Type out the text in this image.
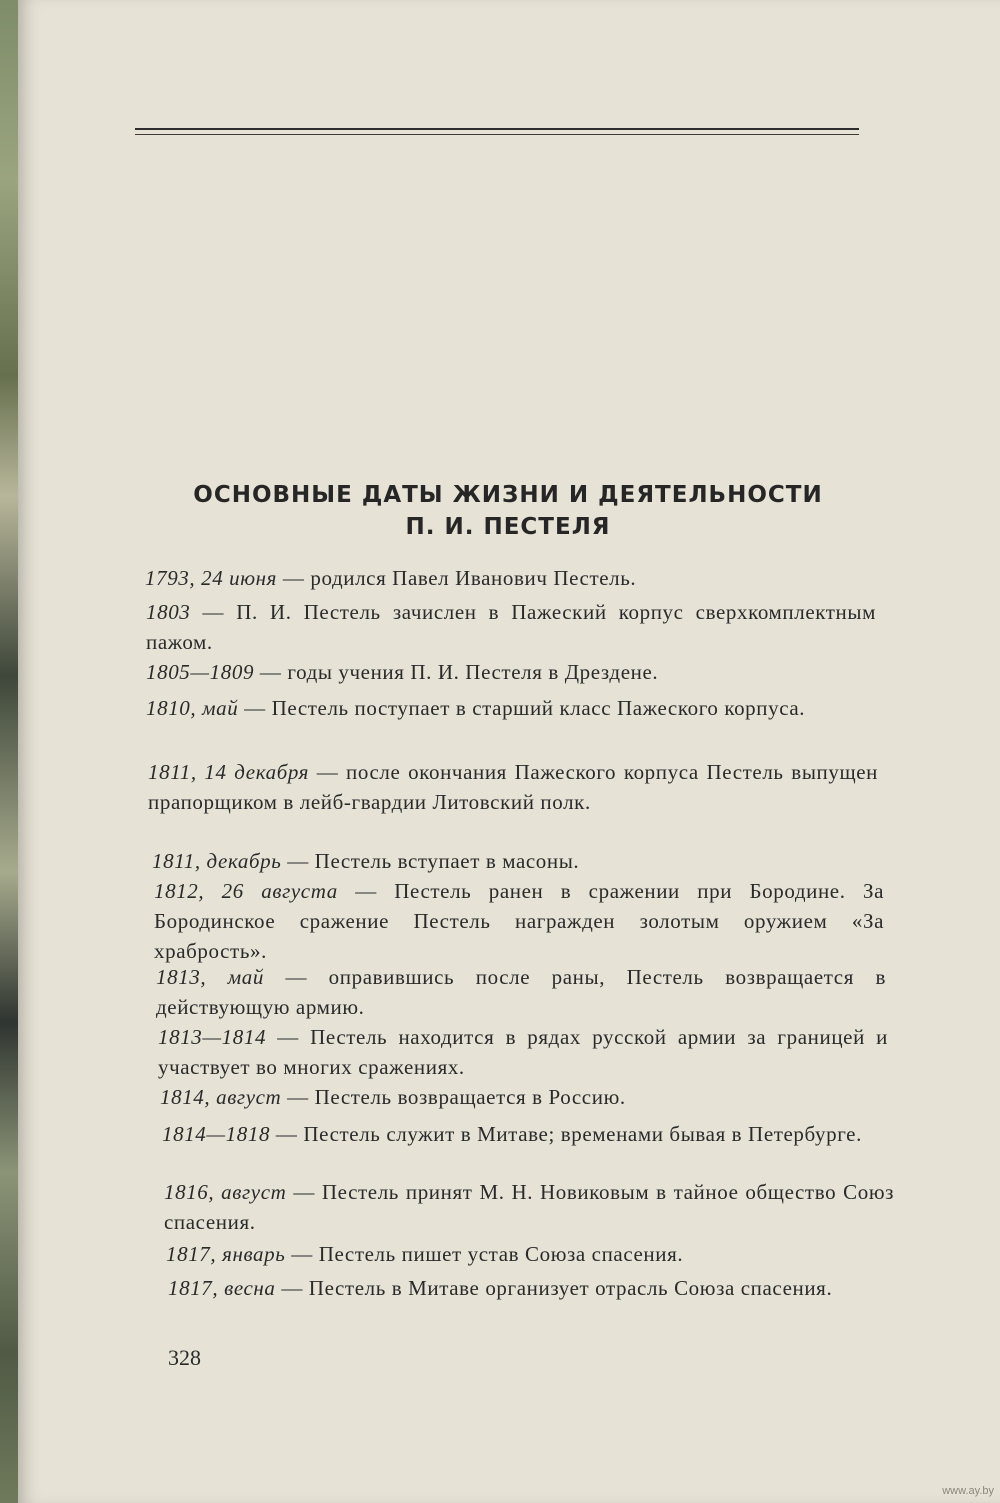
ОСНОВНЫЕ ДАТЫ ЖИЗНИ И ДЕЯТЕЛЬНОСТИ
П. И. ПЕСТЕЛЯ
1793, 24 июня — родился Павел Иванович Пестель.
1803 — П. И. Пестель зачислен в Пажеский корпус сверхкомплектным пажом.
1805—1809 — годы учения П. И. Пестеля в Дрездене.
1810, май — Пестель поступает в старший класс Пажеского корпуса.
1811, 14 декабря — после окончания Пажеского корпуса Пестель выпущен прапорщиком в лейб-гвардии Литовский полк.
1811, декабрь — Пестель вступает в масоны.
1812, 26 августа — Пестель ранен в сражении при Бородине. За Бородинское сражение Пестель награжден золотым оружием «За храбрость».
1813, май — оправившись после раны, Пестель возвращается в действующую армию.
1813—1814 — Пестель находится в рядах русской армии за границей и участвует во многих сражениях.
1814, август — Пестель возвращается в Россию.
1814—1818 — Пестель служит в Митаве; временами бывая в Петербурге.
1816, август — Пестель принят М. Н. Новиковым в тайное общество Союз спасения.
1817, январь — Пестель пишет устав Союза спасения.
1817, весна — Пестель в Митаве организует отрасль Союза спасения.
328
www.ay.by
